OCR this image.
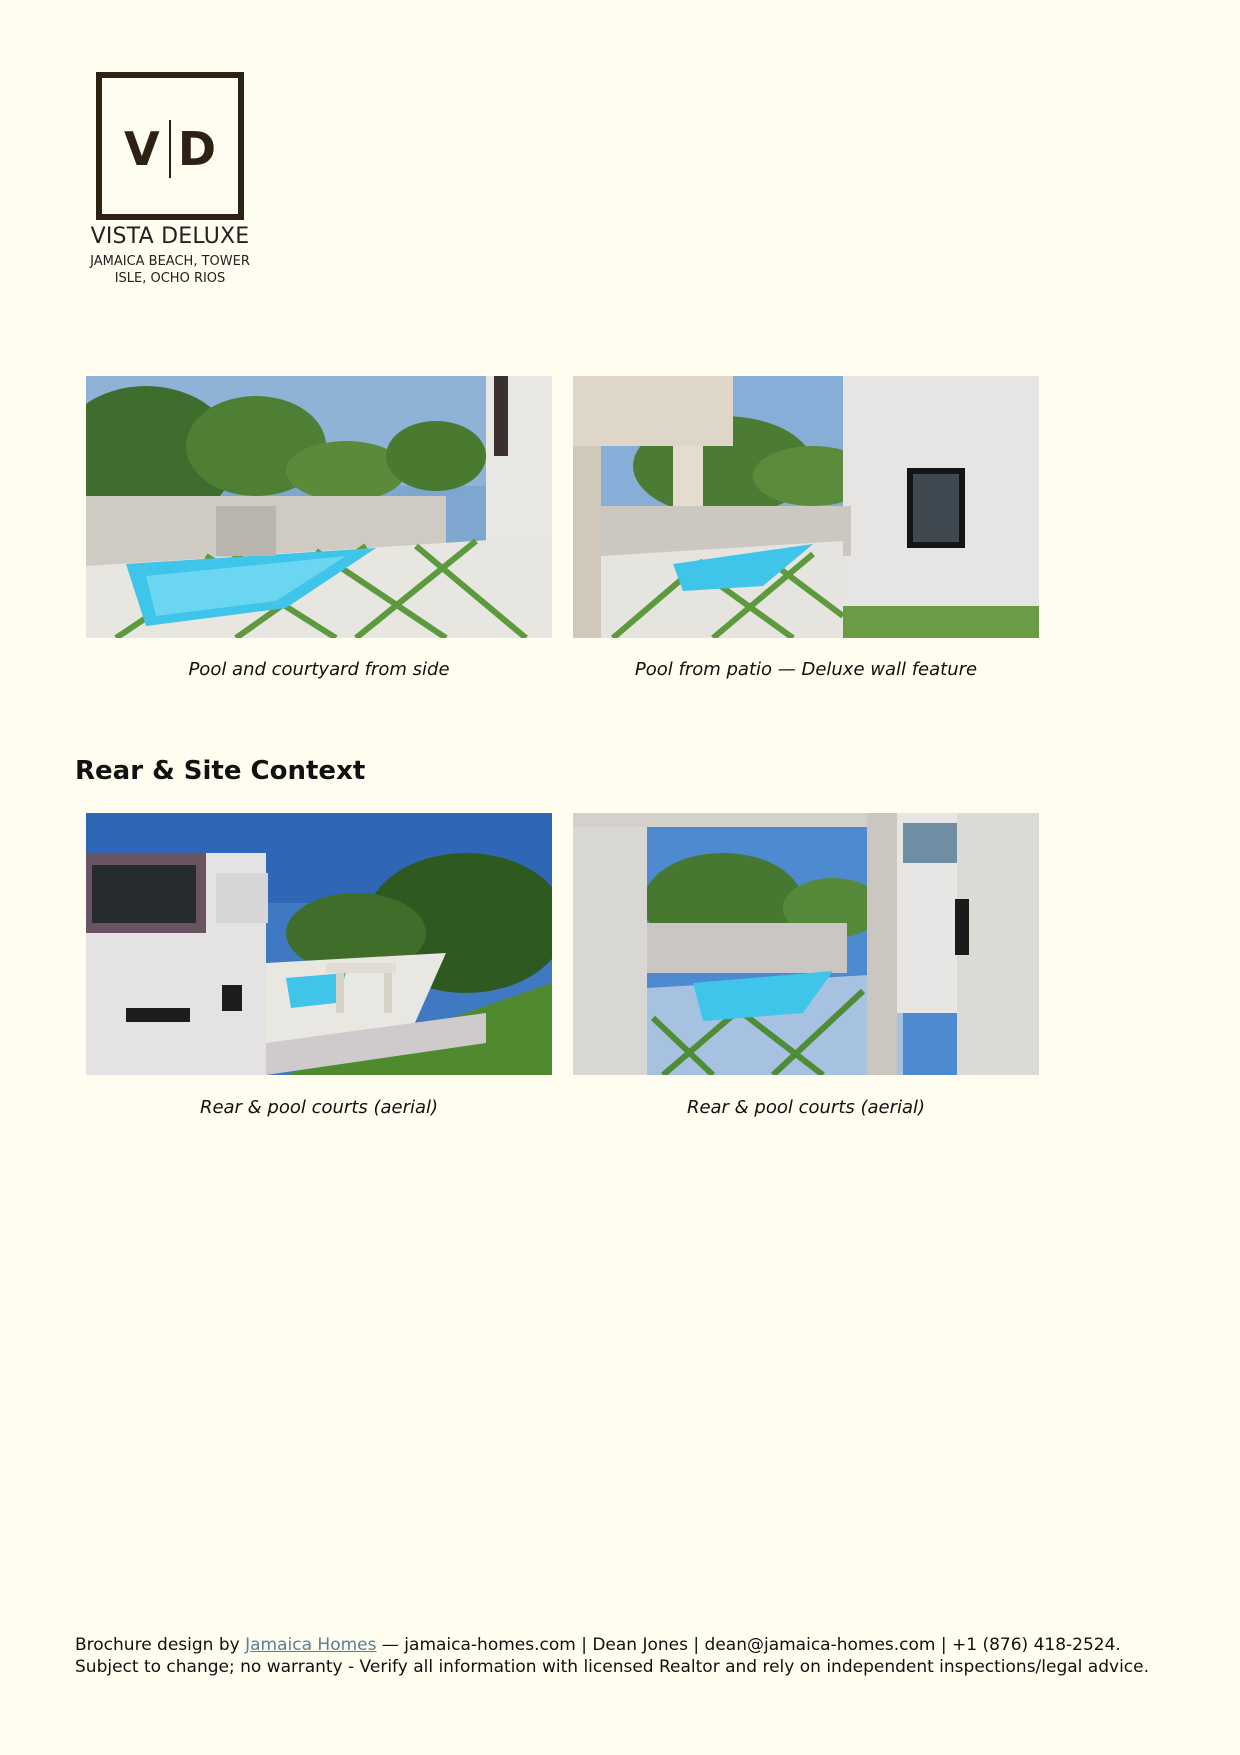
V D
VISTA DELUXE
JAMAICA BEACH, TOWER
ISLE, OCHO RIOS
Pool and courtyard from side	Pool from patio — Deluxe wall feature
Rear & Site Context
Rear & pool courts (aerial)	Rear & pool courts (aerial)
Brochure design by Jamaica Homes — jamaica-homes.com | Dean Jones | dean@jamaica-homes.com | +1 (876) 418-2524. Subject to change; no warranty - Verify all information with licensed Realtor and rely on independent inspections/legal advice.
